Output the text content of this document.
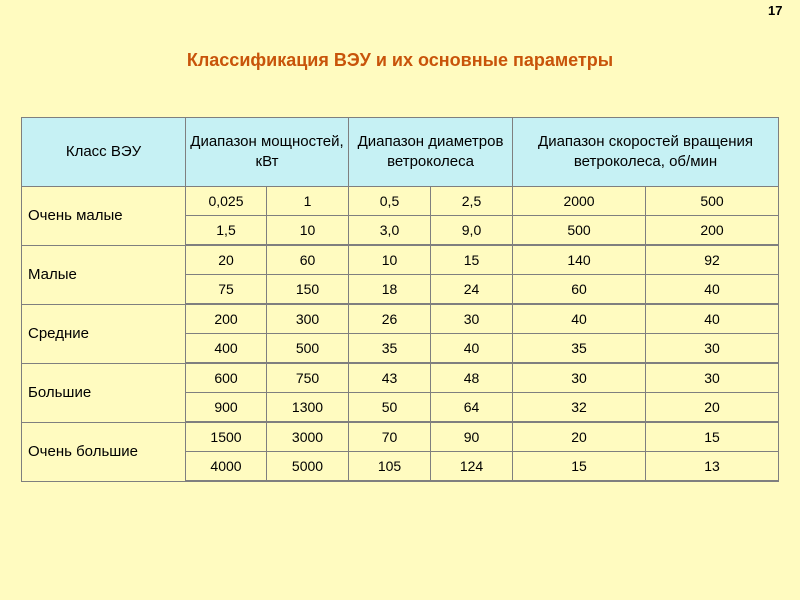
17
Классификация ВЭУ и их основные параметры
Класс ВЭУ	Диапазон мощностей, кВт		Диапазон диаметров ветроколеса		Диапазон скоростей вращения ветроколеса, об/мин	
Очень малые	0,025	1	0,5	2,5	2000	500
	1,5	10	3,0	9,0	500	200
Малые	20	60	10	15	140	92
	75	150	18	24	60	40
Средние	200	300	26	30	40	40
	400	500	35	40	35	30
Большие	600	750	43	48	30	30
	900	1300	50	64	32	20
Очень большие	1500	3000	70	90	20	15
	4000	5000	105	124	15	13
